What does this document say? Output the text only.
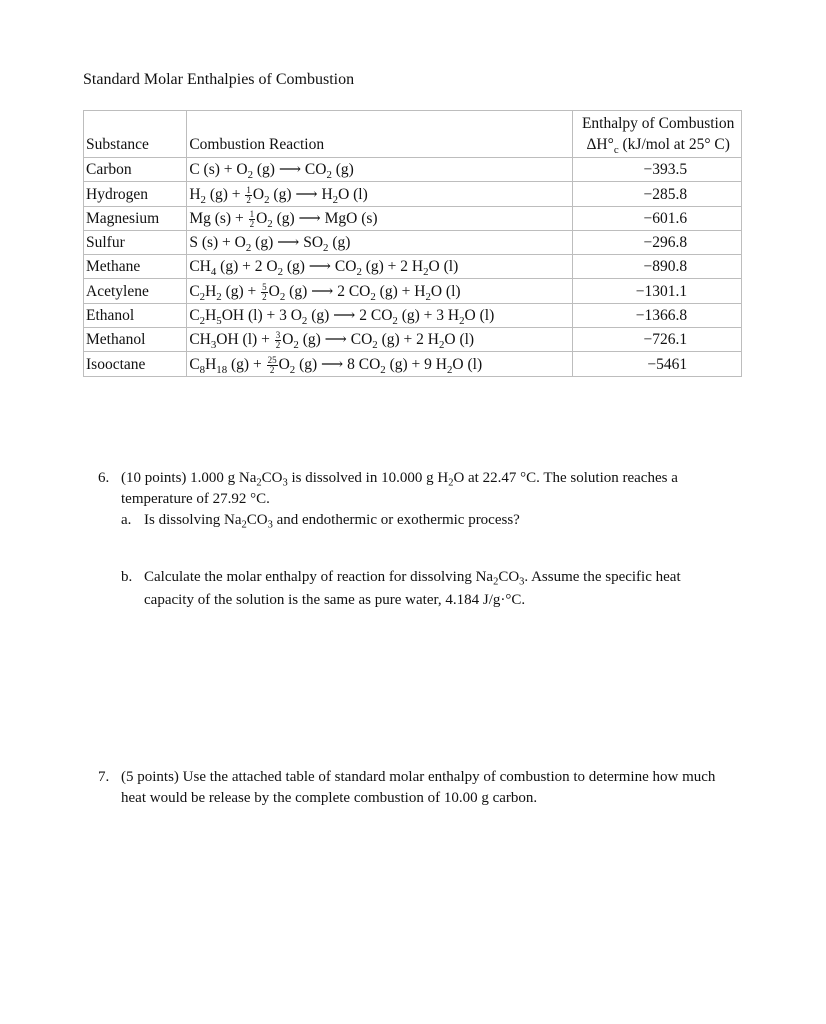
Standard Molar Enthalpies of Combustion
Substance	Combustion Reaction	Enthalpy of Combustion
$\Delta H^\circ_c$ (kJ/mol at 25° C)

Carbon	C $(s) + O_2$ (g) ⟶ $CO_2$ (g)	−393.5
Hydrogen	$H_2$ $(g) + \frac{1}{2} O_2$ (g) ⟶ $H_2O$ (l)	−285.8
Magnesium	Mg $(s) + \frac{1}{2} O_2$ (g) ⟶ MgO (s)	−601.6
Sulfur	S $(s) + O_2$ (g) ⟶ $SO_2$ (g)	−296.8
Methane	$CH_4$ (g) + 2 $O_2$ (g) ⟶ $CO_2$ (g) + 2 $H_2O$ (l)	−890.8
Acetylene	$C_2H_2$ $(g) + \frac{5}{2} O_2$ (g) ⟶ 2 $CO_2$ $(g) + H_2O$ (l)	−1301.1
Ethanol	$C_2H_5OH$ (l) + 3 $O_2$ (g) ⟶ 2 $CO_2$ (g) + 3 $H_2O$ (l)	−1366.8
Methanol	$CH_3OH$ $(l) + \frac{3}{2} O_2$ (g) ⟶ $CO_2$ (g) + 2 $H_2O$ (l)	−726.1
Isooctane	$C_8H_{18}$ $(g) + \frac{25}{2} O_2$ (g) ⟶ 8 $CO_2$ (g) + 9 $H_2O$ (l)	−5461
6. (10 points) 1.000 g $Na_2CO_3$ is dissolved in 10.000 g $H_2O$ at 22.47 °C. The solution reaches a temperature of 27.92 °C.
a. Is dissolving $Na_2CO_3$ and endothermic or exothermic process?
b. Calculate the molar enthalpy of reaction for dissolving $Na_2CO_3$. Assume the specific heat capacity of the solution is the same as pure water, 4.184 J/g·°C.
7. (5 points) Use the attached table of standard molar enthalpy of combustion to determine how much heat would be release by the complete combustion of 10.00 g carbon.
